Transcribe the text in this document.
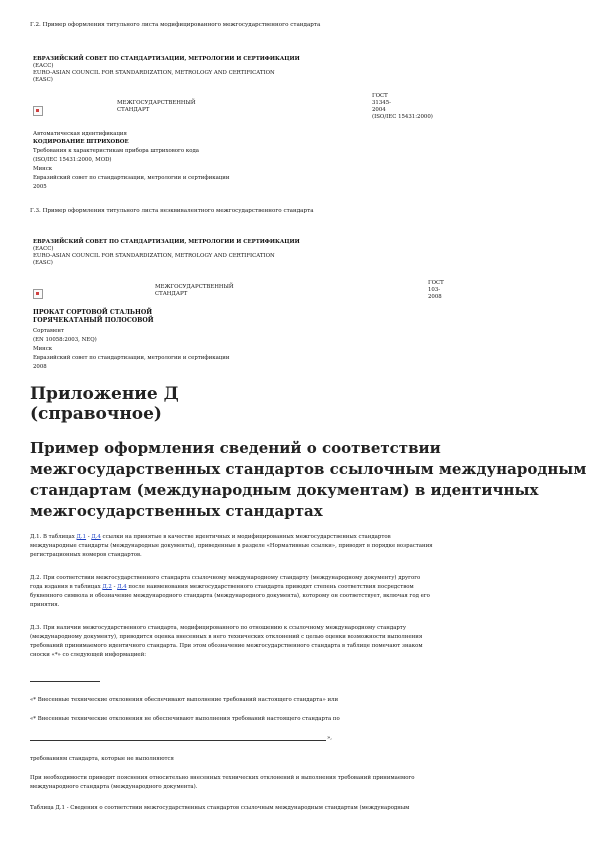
Г.2. Пример оформления титульного листа модифицированного межгосударственного стандарта
ЕВРАЗИЙСКИЙ СОВЕТ ПО СТАНДАРТИЗАЦИИ, МЕТРОЛОГИИ И СЕРТИФИКАЦИИ
(ЕАСС)
EURO-ASIAN COUNCIL FOR STANDARDIZATION, METROLOGY AND CERTIFICATION
(EASC)
МЕЖГОСУДАРСТВЕННЫЙ
СТАНДАРТ
ГОСТ
31345-
2004
(ISO/IEC 15431:2000)
Автоматическая идентификация
КОДИРОВАНИЕ ШТРИХОВОЕ
Требования к характеристикам прибора штрихового кода
(ISO/IEC 15431:2000, MOD)
Минск
Евразийский совет по стандартизации, метрологии и сертификации
2005
Г.3. Пример оформления титульного листа неэквивалентного межгосударственного стандарта
ЕВРАЗИЙСКИЙ СОВЕТ ПО СТАНДАРТИЗАЦИИ, МЕТРОЛОГИИ И СЕРТИФИКАЦИИ
(ЕАСС)
EURO-ASIAN COUNCIL FOR STANDARDIZATION, METROLOGY AND CERTIFICATION
(EASC)
МЕЖГОСУДАРСТВЕННЫЙ
СТАНДАРТ
ГОСТ
103-
2008
ПРОКАТ СОРТОВОЙ СТАЛЬНОЙ
ГОРЯЧЕКАТАНЫЙ ПОЛОСОВОЙ
Сортамент
(EN 10058:2003, NEQ)
Минск
Евразийский совет по стандартизации, метрологии и сертификации
2008
Приложение Д
(справочное)
Пример оформления сведений о соответствии
межгосударственных стандартов ссылочным международным
стандартам (международным документам) в идентичных
межгосударственных стандартах
Д.1. В таблицах Д.1 - Д.4 ссылки на принятые в качестве идентичных и модифицированных межгосударственных стандартов
международные стандарты (международные документы), приведенные в разделе «Нормативные ссылки», приводят в порядке возрастания
регистрационных номеров стандартов.
Д.2. При соответствии межгосударственного стандарта ссылочному международному стандарту (международному документу) другого
года издания в таблицах Д.2 - Д.4 после наименования межгосударственного стандарта приводят степень соответствия посредством
буквенного символа и обозначение международного стандарта (международного документа), которому он соответствует, включая год его
принятия.
Д.3. При наличии межгосударственного стандарта, модифицированного по отношению к ссылочному международному стандарту
(международному документу), приводится оценка внесенных в него технических отклонений с целью оценки возможности выполнения
требований принимаемого идентичного стандарта. При этом обозначение межгосударственного стандарта в таблице помечают знаком
сноски «*» со следующей информацией:
«* Внесенные технические отклонения обеспечивают выполнение требований настоящего стандарта» или
«* Внесенные технические отклонения не обеспечивают выполнения требований настоящего стандарта по
»,
требованиям стандарта, которые не выполняются
При необходимости приводят пояснения относительно внесенных технических отклонений и выполнения требований принимаемого
международного стандарта (международного документа).
Таблица Д.1 - Сведения о соответствии межгосударственных стандартов ссылочным международным стандартам (международным
